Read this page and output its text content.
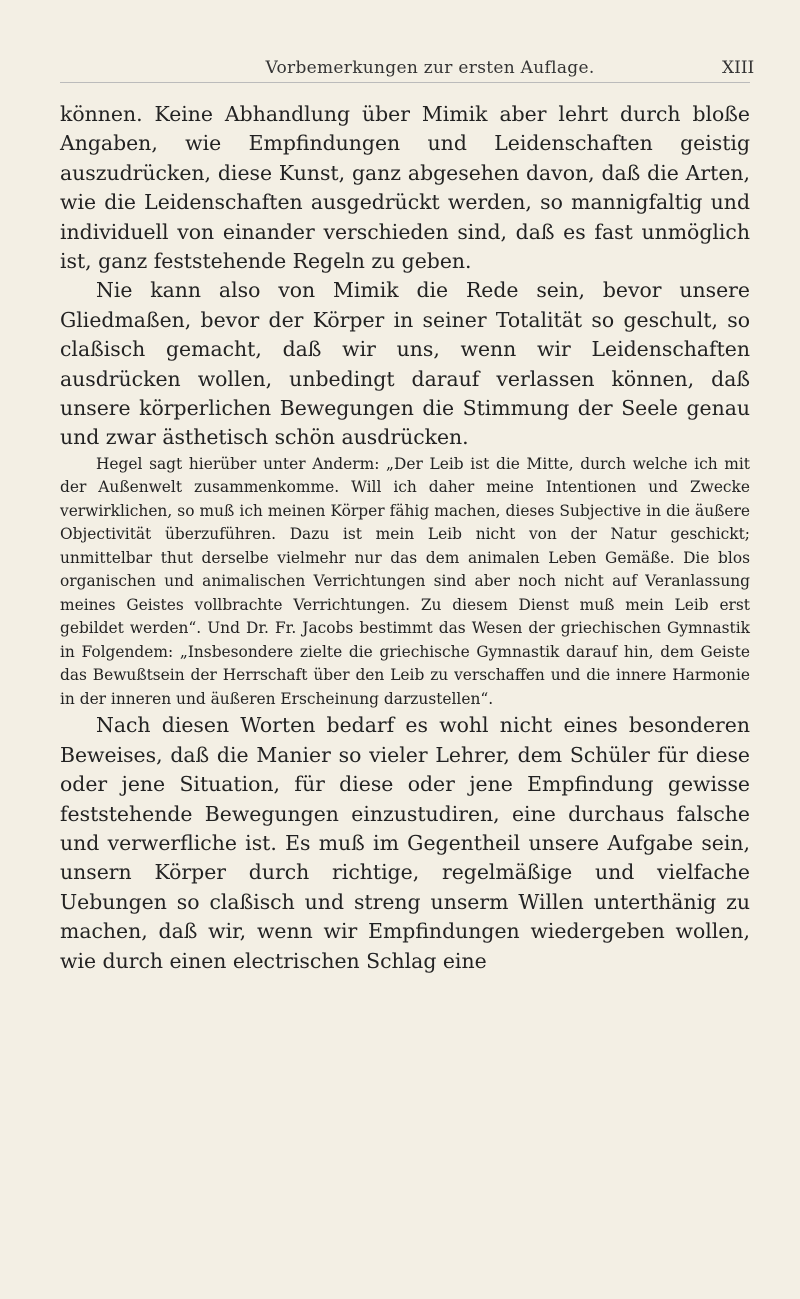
Vorbemerkungen zur ersten Auflage.	XIII

können. Keine Abhandlung über Mimik aber lehrt durch bloße Angaben, wie Empfindungen und Leidenschaften geistig auszudrücken, diese Kunst, ganz abgesehen davon, daß die Arten, wie die Leidenschaften ausgedrückt werden, so mannigfaltig und individuell von einander verschieden sind, daß es fast unmöglich ist, ganz feststehende Regeln zu geben.

Nie kann also von Mimik die Rede sein, bevor unsere Gliedmaßen, bevor der Körper in seiner Totalität so geschult, so claßisch gemacht, daß wir uns, wenn wir Leidenschaften ausdrücken wollen, unbedingt darauf verlassen können, daß unsere körperlichen Bewegungen die Stimmung der Seele genau und zwar ästhetisch schön ausdrücken.

Hegel sagt hierüber unter Anderm: „Der Leib ist die Mitte, durch welche ich mit der Außenwelt zusammenkomme. Will ich daher meine Intentionen und Zwecke verwirklichen, so muß ich meinen Körper fähig machen, dieses Subjective in die äußere Objectivität überzuführen. Dazu ist mein Leib nicht von der Natur geschickt; unmittelbar thut derselbe vielmehr nur das dem animalen Leben Gemäße. Die blos organischen und animalischen Verrichtungen sind aber noch nicht auf Veranlassung meines Geistes vollbrachte Verrichtungen. Zu diesem Dienst muß mein Leib erst gebildet werden“. Und Dr. Fr. Jacobs bestimmt das Wesen der griechischen Gymnastik in Folgendem: „Insbesondere zielte die griechische Gymnastik darauf hin, dem Geiste das Bewußtsein der Herrschaft über den Leib zu verschaffen und die innere Harmonie in der inneren und äußeren Erscheinung darzustellen“.

Nach diesen Worten bedarf es wohl nicht eines besonderen Beweises, daß die Manier so vieler Lehrer, dem Schüler für diese oder jene Situation, für diese oder jene Empfindung gewisse feststehende Bewegungen einzustudiren, eine durchaus falsche und verwerfliche ist. Es muß im Gegentheil unsere Aufgabe sein, unsern Körper durch richtige, regelmäßige und vielfache Uebungen so claßisch und streng unserm Willen unterthänig zu machen, daß wir, wenn wir Empfindungen wiedergeben wollen, wie durch einen electrischen Schlag eine
